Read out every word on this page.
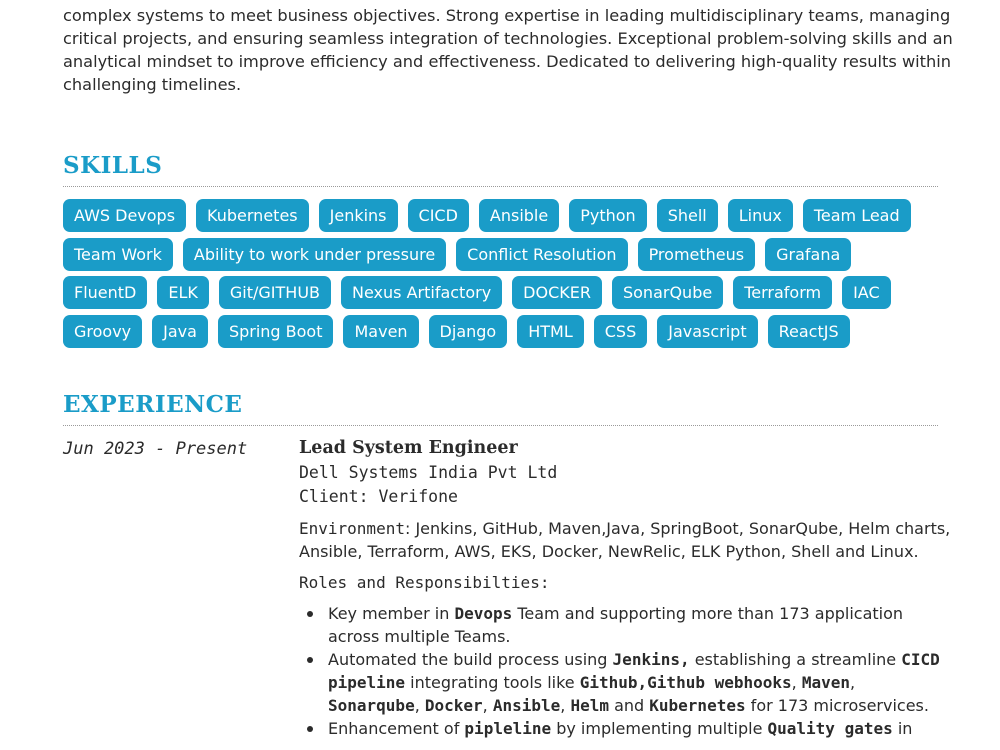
complex systems to meet business objectives. Strong expertise in leading multidisciplinary teams, managing
critical projects, and ensuring seamless integration of technologies. Exceptional problem-solving skills and an
analytical mindset to improve efficiency and effectiveness. Dedicated to delivering high-quality results within
challenging timelines.
SKILLS
AWS Devops	Kubernetes	Jenkins	CICD	Ansible	Python	Shell	Linux	Team Lead
Team Work	Ability to work under pressure	Conflict Resolution	Prometheus	Grafana
FluentD	ELK	Git/GITHUB	Nexus Artifactory	DOCKER	SonarQube	Terraform	IAC
Groovy	Java	Spring Boot	Maven	Django	HTML	CSS	Javascript	ReactJS
EXPERIENCE
Jun 2023 - Present	Lead System Engineer
Dell Systems India Pvt Ltd
Client: Verifone
Environment: Jenkins, GitHub, Maven,Java, SpringBoot, SonarQube, Helm charts,
Ansible, Terraform, AWS, EKS, Docker, NewRelic, ELK Python, Shell and Linux.
Roles and Responsibilties:
Key member in Devops Team and supporting more than 173 application
across multiple Teams.
Automated the build process using Jenkins, establishing a streamline CICD
pipeline integrating tools like Github,Github webhooks, Maven,
Sonarqube, Docker, Ansible, Helm and Kubernetes for 173 microservices.
Enhancement of pipleline by implementing multiple Quality gates in
